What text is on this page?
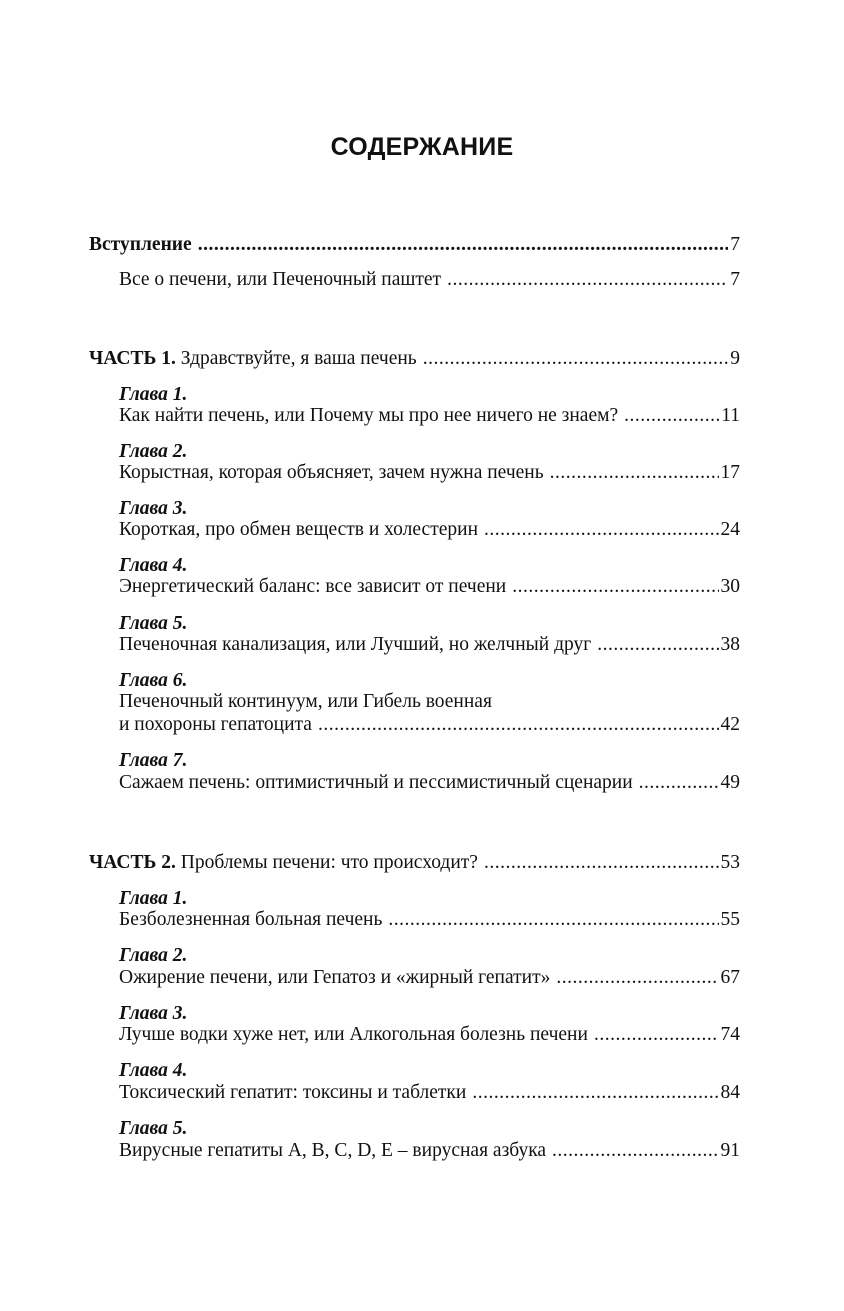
СОДЕРЖАНИЕ
Вступление .....	7
Все о печени, или Печеночный паштет .....	7
ЧАСТЬ 1. Здравствуйте, я ваша печень .....	9
Глава 1.
Как найти печень, или Почему мы про нее ничего не знаем? .....	11
Глава 2.
Корыстная, которая объясняет, зачем нужна печень .....	17
Глава 3.
Короткая, про обмен веществ и холестерин .....	24
Глава 4.
Энергетический баланс: все зависит от печени .....	30
Глава 5.
Печеночная канализация, или Лучший, но желчный друг .....	38
Глава 6.
Печеночный континуум, или Гибель военная
и похороны гепатоцита .....	42
Глава 7.
Сажаем печень: оптимистичный и пессимистичный сценарии .....	49
ЧАСТЬ 2. Проблемы печени: что происходит? .....	53
Глава 1.
Безболезненная больная печень .....	55
Глава 2.
Ожирение печени, или Гепатоз и «жирный гепатит» .....	67
Глава 3.
Лучше водки хуже нет, или Алкогольная болезнь печени .....	74
Глава 4.
Токсический гепатит: токсины и таблетки .....	84
Глава 5.
Вирусные гепатиты A, B, C, D, E – вирусная азбука .....	91
